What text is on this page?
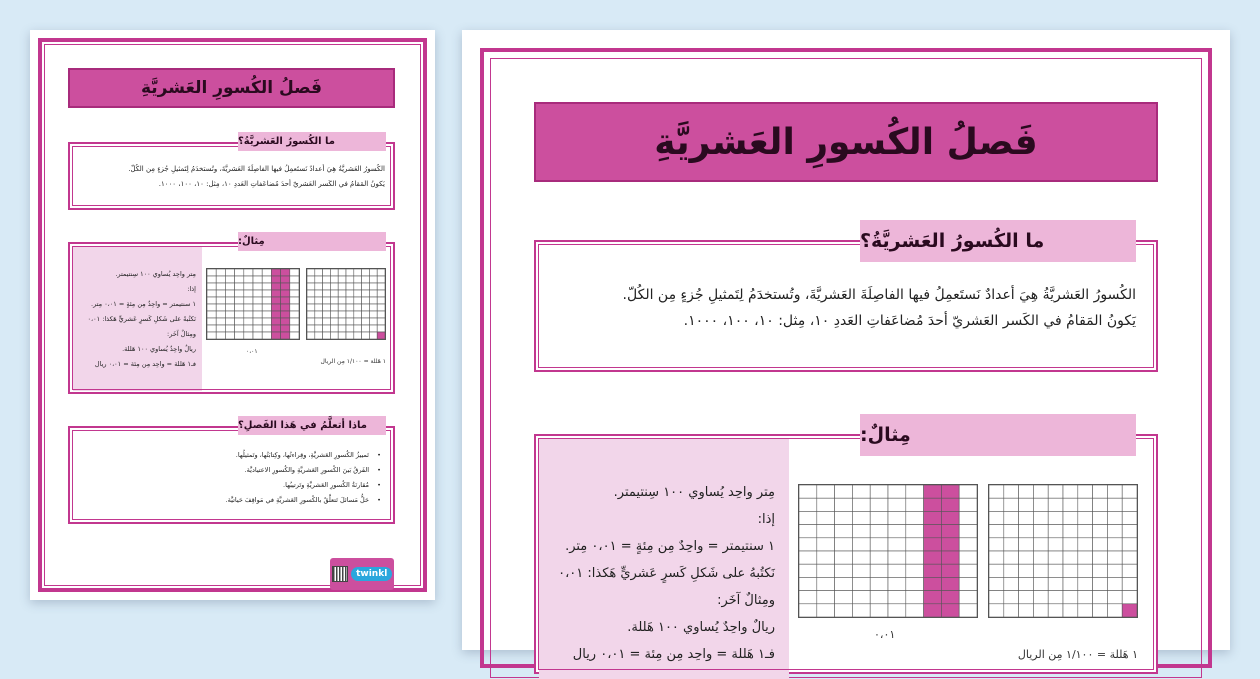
فَصلُ الكُسورِ العَشريَّةِ
الكُسورُ العَشريَّةُ هِيَ أعدادٌ نَستَعمِلُ فيها الفاصِلَةَ العَشريَّةَ، وتُستخدَمُ لِتَمثيلِ جُزءٍ مِن الكُلّ.
يَكونُ المَقامُ في الكَسر العَشريّ أحدَ مُضاعَفاتِ العَددِ ١٠، مِثل: ١٠، ١٠٠، ١٠٠٠.
ما الكُسورُ العَشريَّةُ؟
مِتر واحِد يُساوي ١٠٠ سِنتيمتر.
إذا:
١ سنتيمتر = واحِدٌ مِن مِئةٍ = ٠،٠١ مِتر.
نَكتُبهُ على شَكلِ كَسرٍ عَشريٍّ هَكذا: ٠،٠١
ومِثالٌ آخَر:
ريالٌ واحِدٌ يُساوي ١٠٠ هَللة.
فـ١ هَللة = واحِد مِن مِئة = ٠،٠١ ريال
٠،٠١
١ هَللة = ١/١٠٠ مِن الريال
مِثالٌ:
• تَمييزُ الكُسورِ العَشريَّةِ، وقِراءتُها، وكِتابَتُها، وتَمثيلُها.
• الفَرقُ بَينَ الكُسورِ العَشريَّةِ والكُسورِ الاعتياديَّة.
• مُقارنَةُ الكُسورِ العَشريَّةِ وتَرتيبُها.
• حَلُّ مَسائلَ تَتعلَّقُ بالكُسورِ العَشريَّةِ في مَواقِفَ حَياتيَّة.
ماذا أتعلَّمُ في هَذا الفَصلِ؟
twinkl
فَصلُ الكُسورِ العَشريَّةِ
الكُسورُ العَشريَّةُ هِيَ أعدادٌ نَستَعمِلُ فيها الفاصِلَةَ العَشريَّةَ، وتُستخدَمُ لِتَمثيلِ جُزءٍ مِن الكُلّ.
يَكونُ المَقامُ في الكَسر العَشريّ أحدَ مُضاعَفاتِ العَددِ ١٠، مِثل: ١٠، ١٠٠، ١٠٠٠.
ما الكُسورُ العَشريَّةُ؟
مِتر واحِد يُساوي ١٠٠ سِنتيمتر.
إذا:
١ سنتيمتر = واحِدٌ مِن مِئةٍ = ٠،٠١ مِتر.
نَكتُبهُ على شَكلِ كَسرٍ عَشريٍّ هَكذا: ٠،٠١
ومِثالٌ آخَر:
ريالٌ واحِدٌ يُساوي ١٠٠ هَللة.
فـ١ هَللة = واحِد مِن مِئة = ٠،٠١ ريال
٠،٠١
١ هَللة = ١/١٠٠ مِن الريال
مِثالٌ:
